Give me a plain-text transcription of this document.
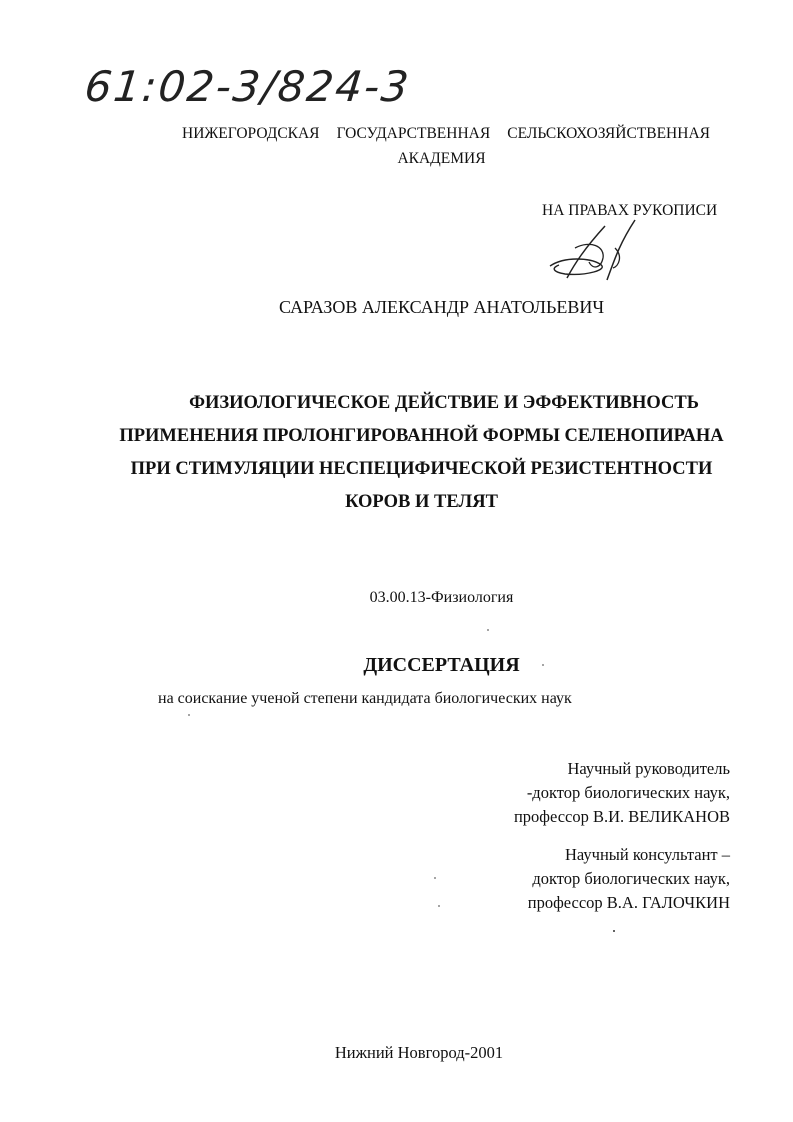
61:02-3/824-3
НИЖЕГОРОДСКАЯ ГОСУДАРСТВЕННАЯ СЕЛЬСКОХОЗЯЙСТВЕННАЯ
АКАДЕМИЯ
НА ПРАВАХ РУКОПИСИ
САРАЗОВ АЛЕКСАНДР АНАТОЛЬЕВИЧ
ФИЗИОЛОГИЧЕСКОЕ ДЕЙСТВИЕ И ЭФФЕКТИВНОСТЬ
ПРИМЕНЕНИЯ ПРОЛОНГИРОВАННОЙ ФОРМЫ СЕЛЕНОПИРАНА
ПРИ СТИМУЛЯЦИИ НЕСПЕЦИФИЧЕСКОЙ РЕЗИСТЕНТНОСТИ
КОРОВ И ТЕЛЯТ
03.00.13-Физиология
ДИССЕРТАЦИЯ
на соискание ученой степени кандидата биологических наук
Научный руководитель
-доктор биологических наук,
профессор В.И. ВЕЛИКАНОВ
Научный консультант –
доктор биологических наук,
профессор В.А. ГАЛОЧКИН
Нижний Новгород-2001
